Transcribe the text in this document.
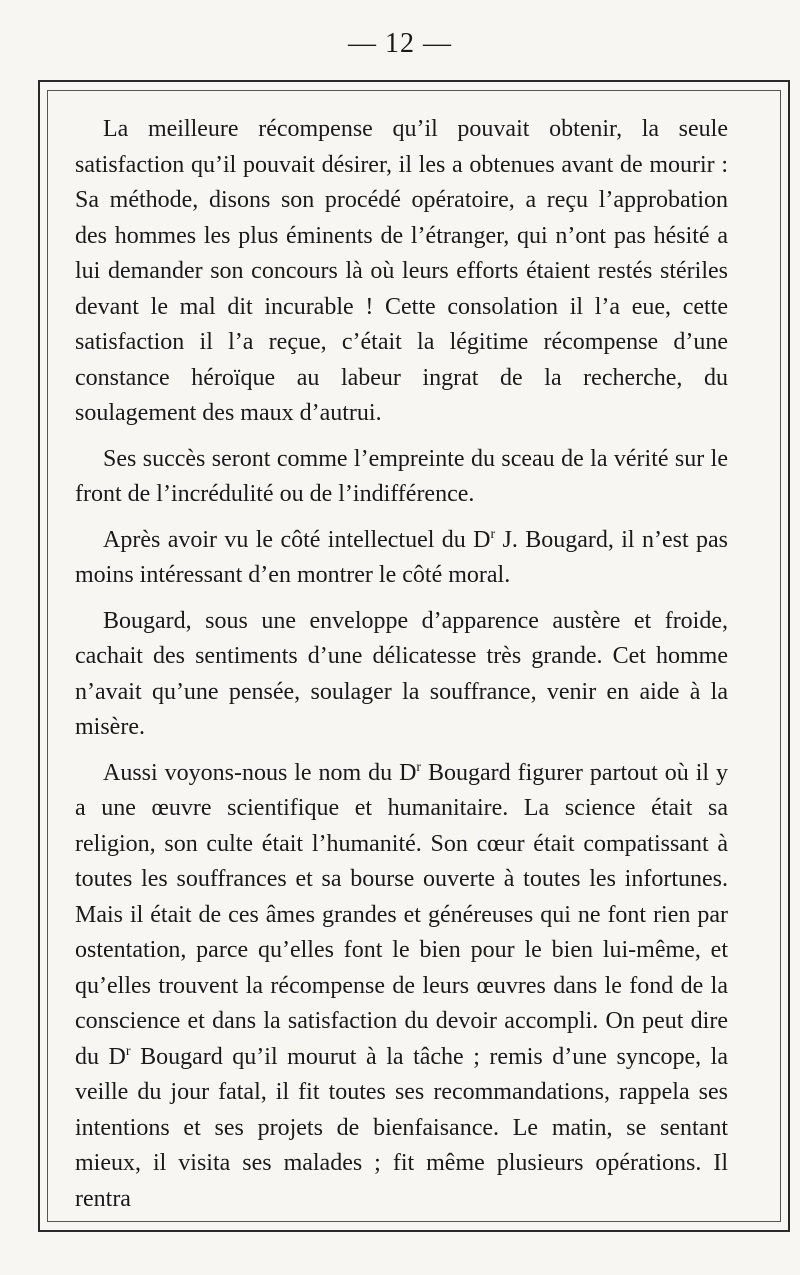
— 12 —

La meilleure récompense qu’il pouvait obtenir, la seule satisfaction qu’il pouvait désirer, il les a obtenues avant de mourir : Sa méthode, disons son procédé opératoire, a reçu l’approbation des hommes les plus éminents de l’étranger, qui n’ont pas hésité a lui demander son concours là où leurs efforts étaient restés stériles devant le mal dit incurable ! Cette consolation il l’a eue, cette satisfaction il l’a reçue, c’était la légitime récompense d’une constance héroïque au labeur ingrat de la recherche, du soulagement des maux d’autrui.

Ses succès seront comme l’empreinte du sceau de la vérité sur le front de l’incrédulité ou de l’indifférence.

Après avoir vu le côté intellectuel du $D^r$ J. Bougard, il n’est pas moins intéressant d’en montrer le côté moral.

Bougard, sous une enveloppe d’apparence austère et froide, cachait des sentiments d’une délicatesse très grande. Cet homme n’avait qu’une pensée, soulager la souffrance, venir en aide à la misère.

Aussi voyons-nous le nom du $D^r$ Bougard figurer partout où il y a une œuvre scientifique et humanitaire. La science était sa religion, son culte était l’humanité. Son cœur était compatissant à toutes les souffrances et sa bourse ouverte à toutes les infortunes. Mais il était de ces âmes grandes et généreuses qui ne font rien par ostentation, parce qu’elles font le bien pour le bien lui-même, et qu’elles trouvent la récompense de leurs œuvres dans le fond de la conscience et dans la satisfaction du devoir accompli. On peut dire du $D^r$ Bougard qu’il mourut à la tâche ; remis d’une syncope, la veille du jour fatal, il fit toutes ses recommandations, rappela ses intentions et ses projets de bienfaisance. Le matin, se sentant mieux, il visita ses malades ; fit même plusieurs opérations. Il rentra
